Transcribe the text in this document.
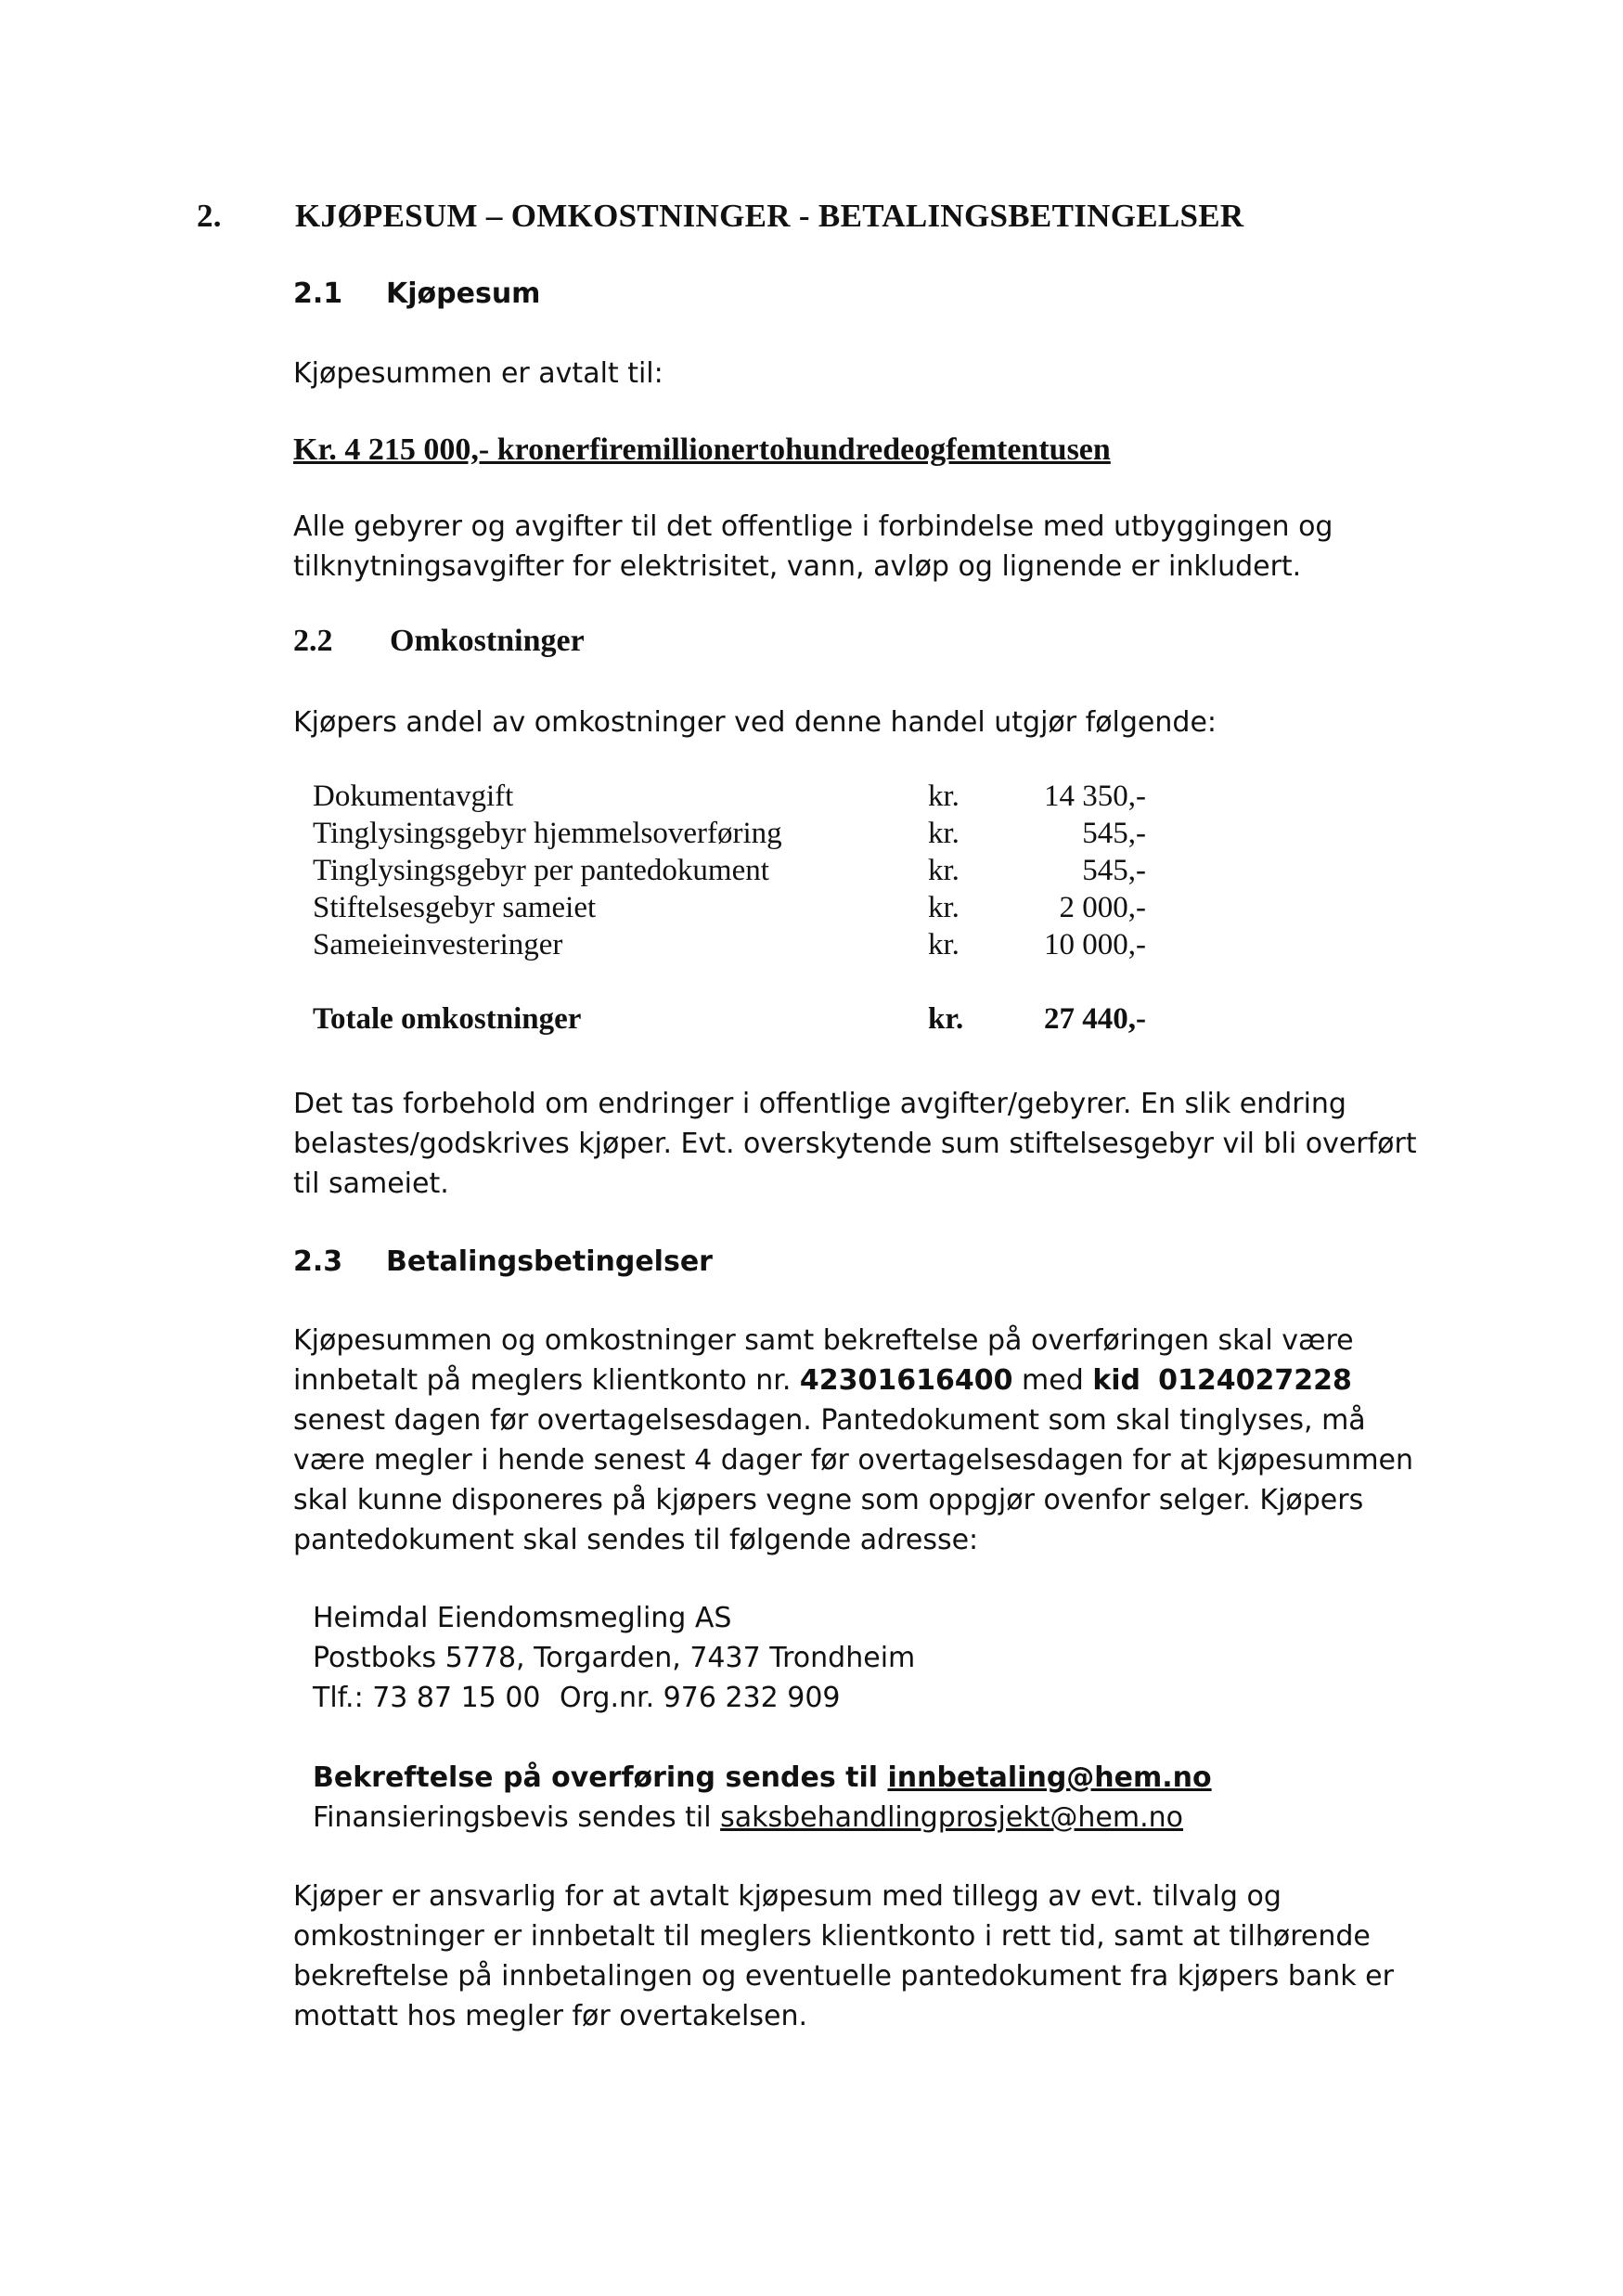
2. KJØPESUM – OMKOSTNINGER - BETALINGSBETINGELSER
2.1 Kjøpesum
Kjøpesummen er avtalt til:
Kr. 4 215 000,- kronerfiremillionertohundredeogfemtentusen
Alle gebyrer og avgifter til det offentlige i forbindelse med utbyggingen og tilknytningsavgifter for elektrisitet, vann, avløp og lignende er inkludert.
2.2 Omkostninger
Kjøpers andel av omkostninger ved denne handel utgjør følgende:
Dokumentavgift	kr.	14 350,-
Tinglysingsgebyr hjemmelsoverføring	kr.	545,-
Tinglysingsgebyr per pantedokument	kr.	545,-
Stiftelsesgebyr sameiet	kr.	2 000,-
Sameieinvesteringer	kr.	10 000,-
Totale omkostninger	kr.	27 440,-
Det tas forbehold om endringer i offentlige avgifter/gebyrer. En slik endring belastes/godskrives kjøper. Evt. overskytende sum stiftelsesgebyr vil bli overført til sameiet.
2.3 Betalingsbetingelser
Kjøpesummen og omkostninger samt bekreftelse på overføringen skal være innbetalt på meglers klientkonto nr. 42301616400 med kid 0124027228 senest dagen før overtagelsesdagen. Pantedokument som skal tinglyses, må være megler i hende senest 4 dager før overtagelsesdagen for at kjøpesummen skal kunne disponeres på kjøpers vegne som oppgjør ovenfor selger. Kjøpers pantedokument skal sendes til følgende adresse:
Heimdal Eiendomsmegling AS
Postboks 5778, Torgarden, 7437 Trondheim
Tlf.: 73 87 15 00 Org.nr. 976 232 909
Bekreftelse på overføring sendes til innbetaling@hem.no
Finansieringsbevis sendes til saksbehandlingprosjekt@hem.no
Kjøper er ansvarlig for at avtalt kjøpesum med tillegg av evt. tilvalg og omkostninger er innbetalt til meglers klientkonto i rett tid, samt at tilhørende bekreftelse på innbetalingen og eventuelle pantedokument fra kjøpers bank er mottatt hos megler før overtakelsen.
